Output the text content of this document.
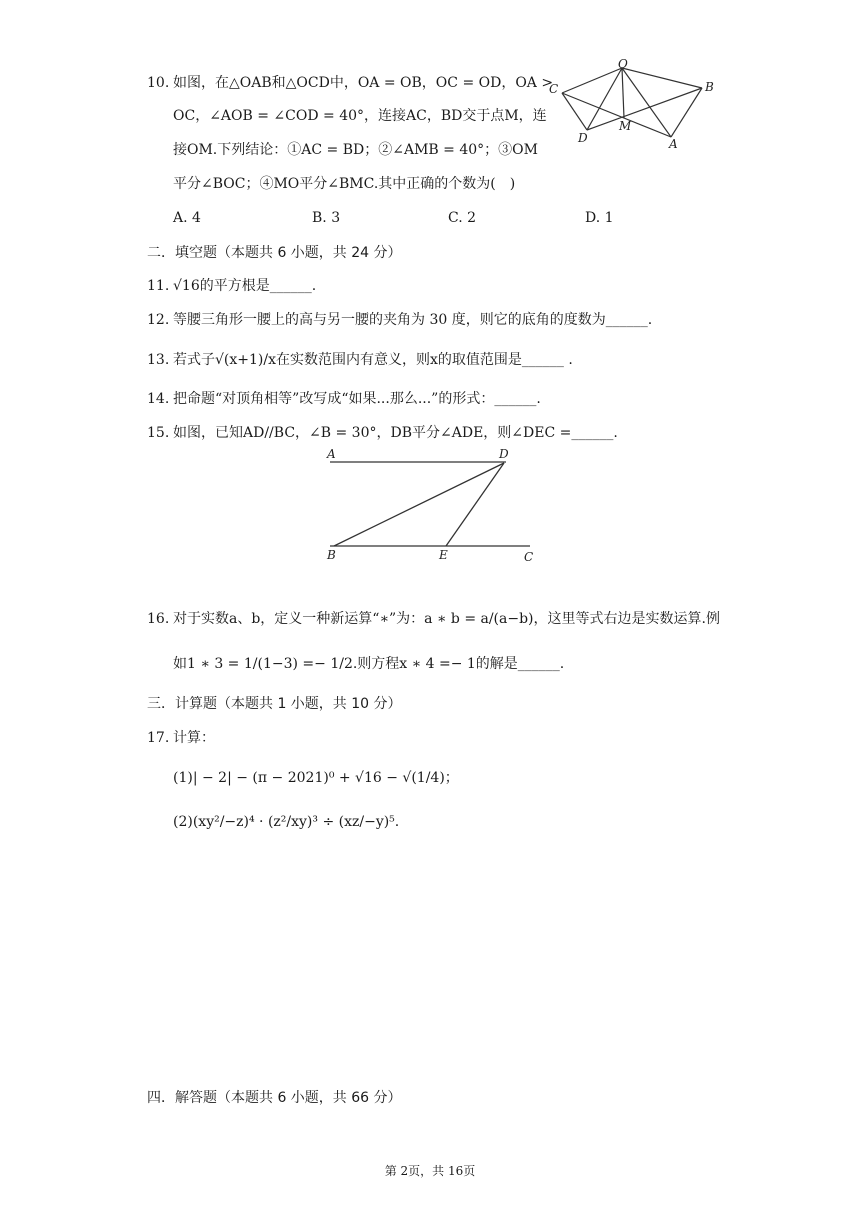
10. 如图，在△OAB和△OCD中，OA = OB，OC = OD，OA >
OC，∠AOB = ∠COD = 40°，连接AC，BD交于点M，连
接OM.下列结论：①AC = BD；②∠AMB = 40°；③OM
平分∠BOC；④MO平分∠BMC.其中正确的个数为(　)
A. 4	B. 3	C. 2	D. 1
O
C	B
D
M
A
二．填空题（本题共 6 小题，共 24 分）
11. √16的平方根是______.
12. 等腰三角形一腰上的高与另一腰的夹角为 30 度，则它的底角的度数为______.
13. 若式子√(x+1)/x在实数范围内有意义，则x的取值范围是______ .
14. 把命题“对顶角相等”改写成“如果...那么...”的形式：______.
15. 如图，已知AD//BC，∠B = 30°，DB平分∠ADE，则∠DEC =______.
A	D
B	E	C
16. 对于实数a、b，定义一种新运算“∗”为：a ∗ b = a/(a−b)，这里等式右边是实数运算.例
如1 ∗ 3 = 1/(1−3) =− 1/2.则方程x ∗ 4 =− 1的解是______.
三．计算题（本题共 1 小题，共 10 分）
17. 计算：
(1)| − 2| − (π − 2021)⁰ + √16 − √(1/4)；
(2)(xy²/−z)⁴ · (z²/xy)³ ÷ (xz/−y)⁵.
四．解答题（本题共 6 小题，共 66 分）
第 2页，共 16页
